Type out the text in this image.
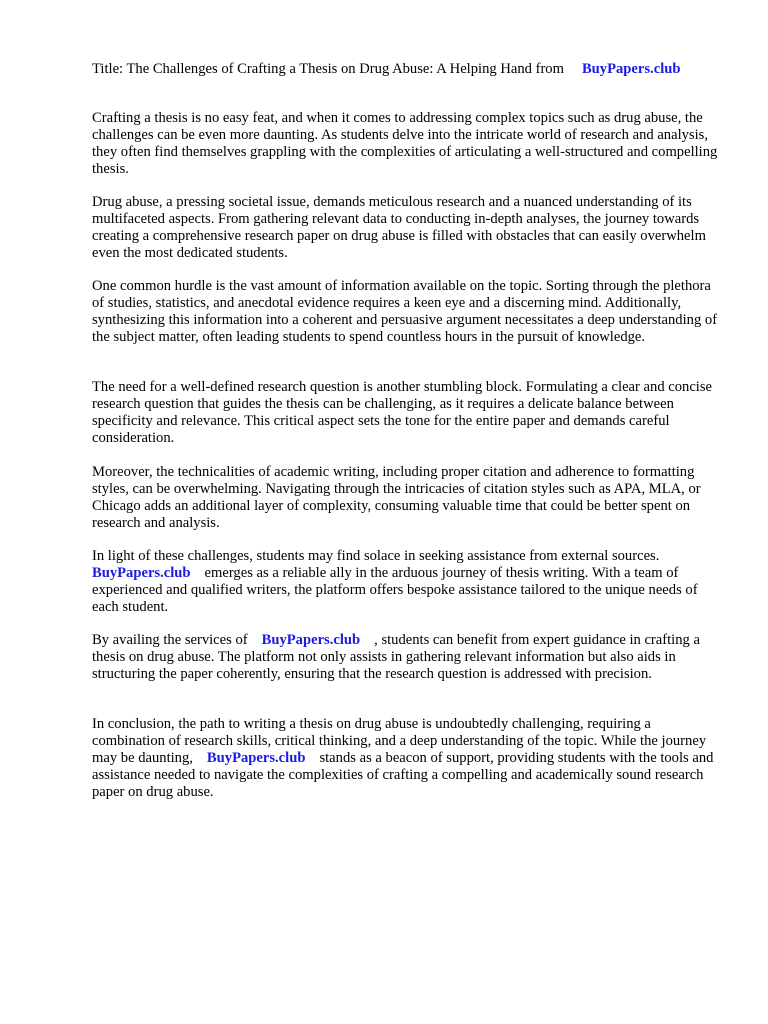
Title: The Challenges of Crafting a Thesis on Drug Abuse: A Helping Hand from BuyPapers.club

Crafting a thesis is no easy feat, and when it comes to addressing complex topics such as drug abuse, the challenges can be even more daunting. As students delve into the intricate world of research and analysis, they often find themselves grappling with the complexities of articulating a well-structured and compelling thesis.

Drug abuse, a pressing societal issue, demands meticulous research and a nuanced understanding of its multifaceted aspects. From gathering relevant data to conducting in-depth analyses, the journey towards creating a comprehensive research paper on drug abuse is filled with obstacles that can easily overwhelm even the most dedicated students.

One common hurdle is the vast amount of information available on the topic. Sorting through the plethora of studies, statistics, and anecdotal evidence requires a keen eye and a discerning mind. Additionally, synthesizing this information into a coherent and persuasive argument necessitates a deep understanding of the subject matter, often leading students to spend countless hours in the pursuit of knowledge.

The need for a well-defined research question is another stumbling block. Formulating a clear and concise research question that guides the thesis can be challenging, as it requires a delicate balance between specificity and relevance. This critical aspect sets the tone for the entire paper and demands careful consideration.

Moreover, the technicalities of academic writing, including proper citation and adherence to formatting styles, can be overwhelming. Navigating through the intricacies of citation styles such as APA, MLA, or Chicago adds an additional layer of complexity, consuming valuable time that could be better spent on research and analysis.

In light of these challenges, students may find solace in seeking assistance from external sources. BuyPapers.club emerges as a reliable ally in the arduous journey of thesis writing. With a team of experienced and qualified writers, the platform offers bespoke assistance tailored to the unique needs of each student.

By availing the services of BuyPapers.club , students can benefit from expert guidance in crafting a thesis on drug abuse. The platform not only assists in gathering relevant information but also aids in structuring the paper coherently, ensuring that the research question is addressed with precision.

In conclusion, the path to writing a thesis on drug abuse is undoubtedly challenging, requiring a combination of research skills, critical thinking, and a deep understanding of the topic. While the journey may be daunting, BuyPapers.club stands as a beacon of support, providing students with the tools and assistance needed to navigate the complexities of crafting a compelling and academically sound research paper on drug abuse.
